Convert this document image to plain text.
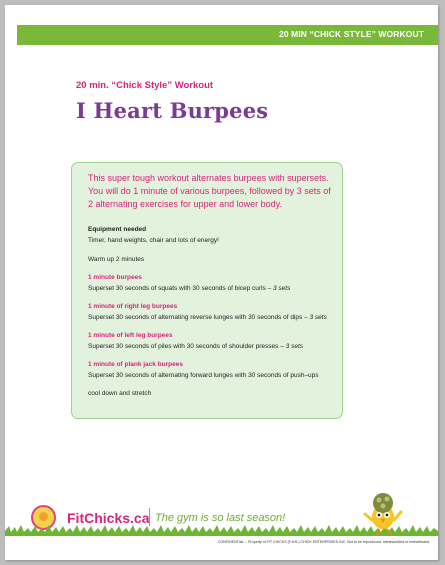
20 MIN “CHICK STYLE” WORKOUT
20 min. “Chick Style” Workout
I Heart Burpees
This super tough workout alternates burpees with supersets. You will do 1 minute of various burpees, followed by 3 sets of 2 alternating exercises for upper and lower body.
Equipment needed
Timer, hand weights, chair and lots of energy!
Warm up 2 minutes
1 minute burpees
Superset 30 seconds of squats with 30 seconds of bicep curls – 3 sets
1 minute of right leg burpees
Superset 30 seconds of alternating reverse lunges with 30 seconds of dips – 3 sets
1 minute of left leg burpees
Superset 30 seconds of piles with 30 seconds of shoulder presses – 3 sets
1 minute of plank jack burpees
Superset 30 seconds of alternating forward lunges with 30 seconds of push–ups
cool down and stretch
FitChicks.ca The gym is so last season!
CONFIDENTIAL – Property of FIT CHICKS (F.A.B.) CHICK ENTERPRISES INC. Not to be reproduced, retransmitted or redistributed.
